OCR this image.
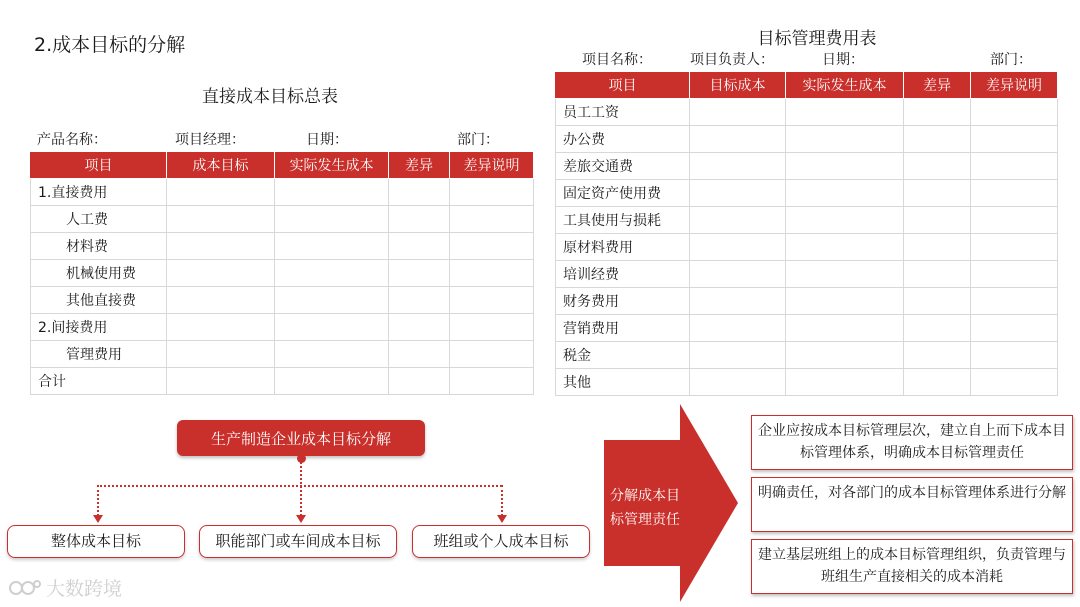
2.成本目标的分解
直接成本目标总表
产品名称：	项目经理：	日期：	部门：
项目	成本目标	实际发生成本	差异	差异说明
1.直接费用				
人工费				
材料费				
机械使用费				
其他直接费				
2.间接费用				
管理费用				
合计				
目标管理费用表
项目名称：	项目负责人：	日期：	部门：
项目	目标成本	实际发生成本	差异	差异说明
员工工资				
办公费				
差旅交通费				
固定资产使用费				
工具使用与损耗				
原材料费用				
培训经费				
财务费用				
营销费用				
税金				
其他				
生产制造企业成本目标分解
整体成本目标	职能部门或车间成本目标	班组或个人成本目标
分解成本目
标管理责任
企业应按成本目标管理层次，建立自上而下成本目标管理体系，明确成本目标管理责任
明确责任，对各部门的成本目标管理体系进行分解
建立基层班组上的成本目标管理组织，负责管理与班组生产直接相关的成本消耗
大数跨境
